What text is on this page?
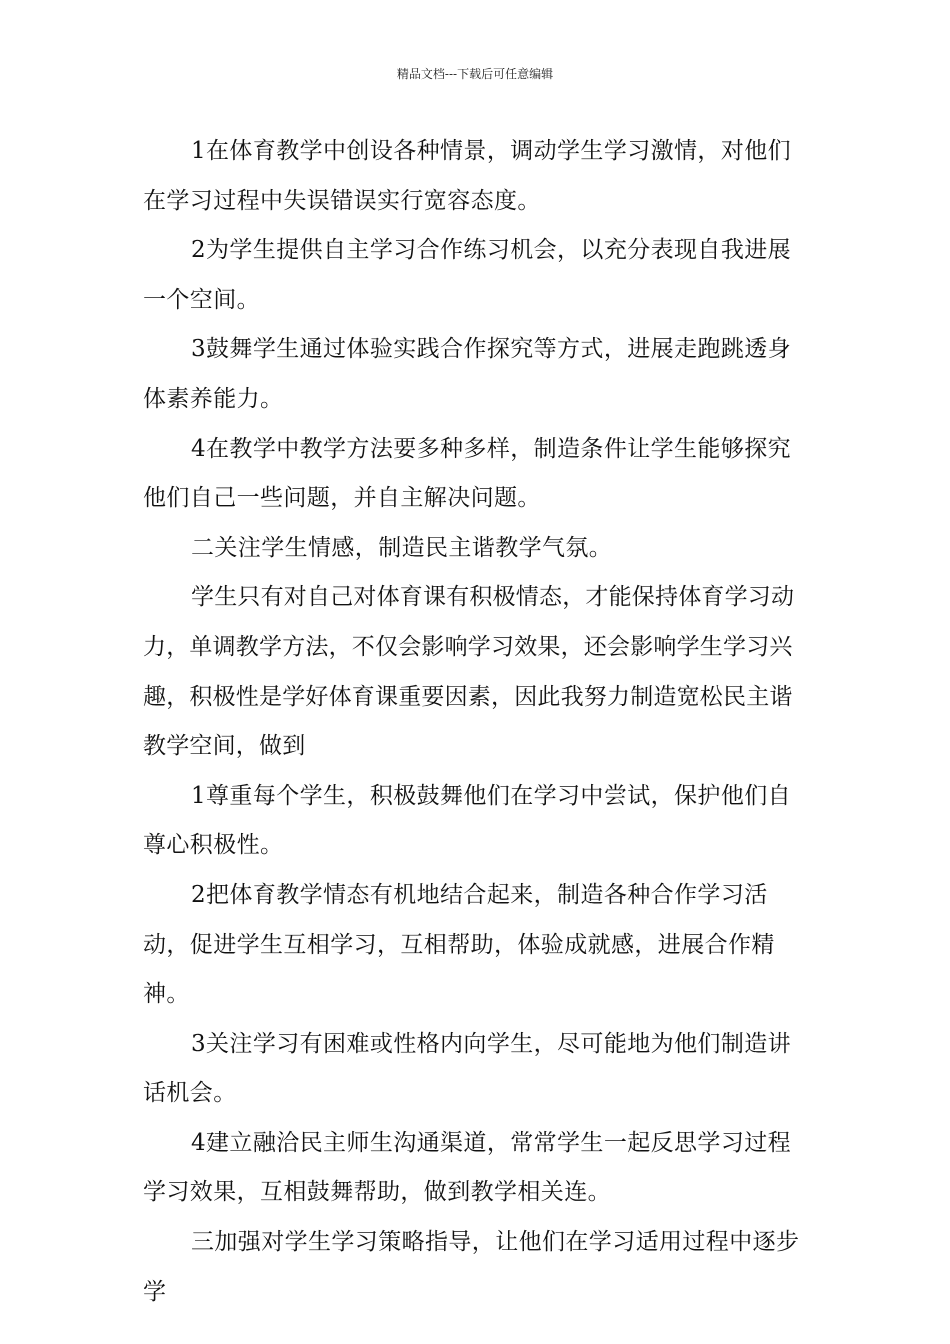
精品文档---下载后可任意编辑

1在体育教学中创设各种情景，调动学生学习激情，对他们在学习过程中失误错误实行宽容态度。

2为学生提供自主学习合作练习机会，以充分表现自我进展一个空间。

3鼓舞学生通过体验实践合作探究等方式，进展走跑跳透身体素养能力。

4在教学中教学方法要多种多样，制造条件让学生能够探究他们自己一些问题，并自主解决问题。

二关注学生情感，制造民主谐教学气氛。

学生只有对自己对体育课有积极情态，才能保持体育学习动力，单调教学方法，不仅会影响学习效果，还会影响学生学习兴趣，积极性是学好体育课重要因素，因此我努力制造宽松民主谐教学空间，做到

1尊重每个学生，积极鼓舞他们在学习中尝试，保护他们自尊心积极性。

2把体育教学情态有机地结合起来，制造各种合作学习活动，促进学生互相学习，互相帮助，体验成就感，进展合作精神。

3关注学习有困难或性格内向学生，尽可能地为他们制造讲话机会。

4建立融洽民主师生沟通渠道，常常学生一起反思学习过程学习效果，互相鼓舞帮助，做到教学相关连。

三加强对学生学习策略指导，让他们在学习适用过程中逐步学
